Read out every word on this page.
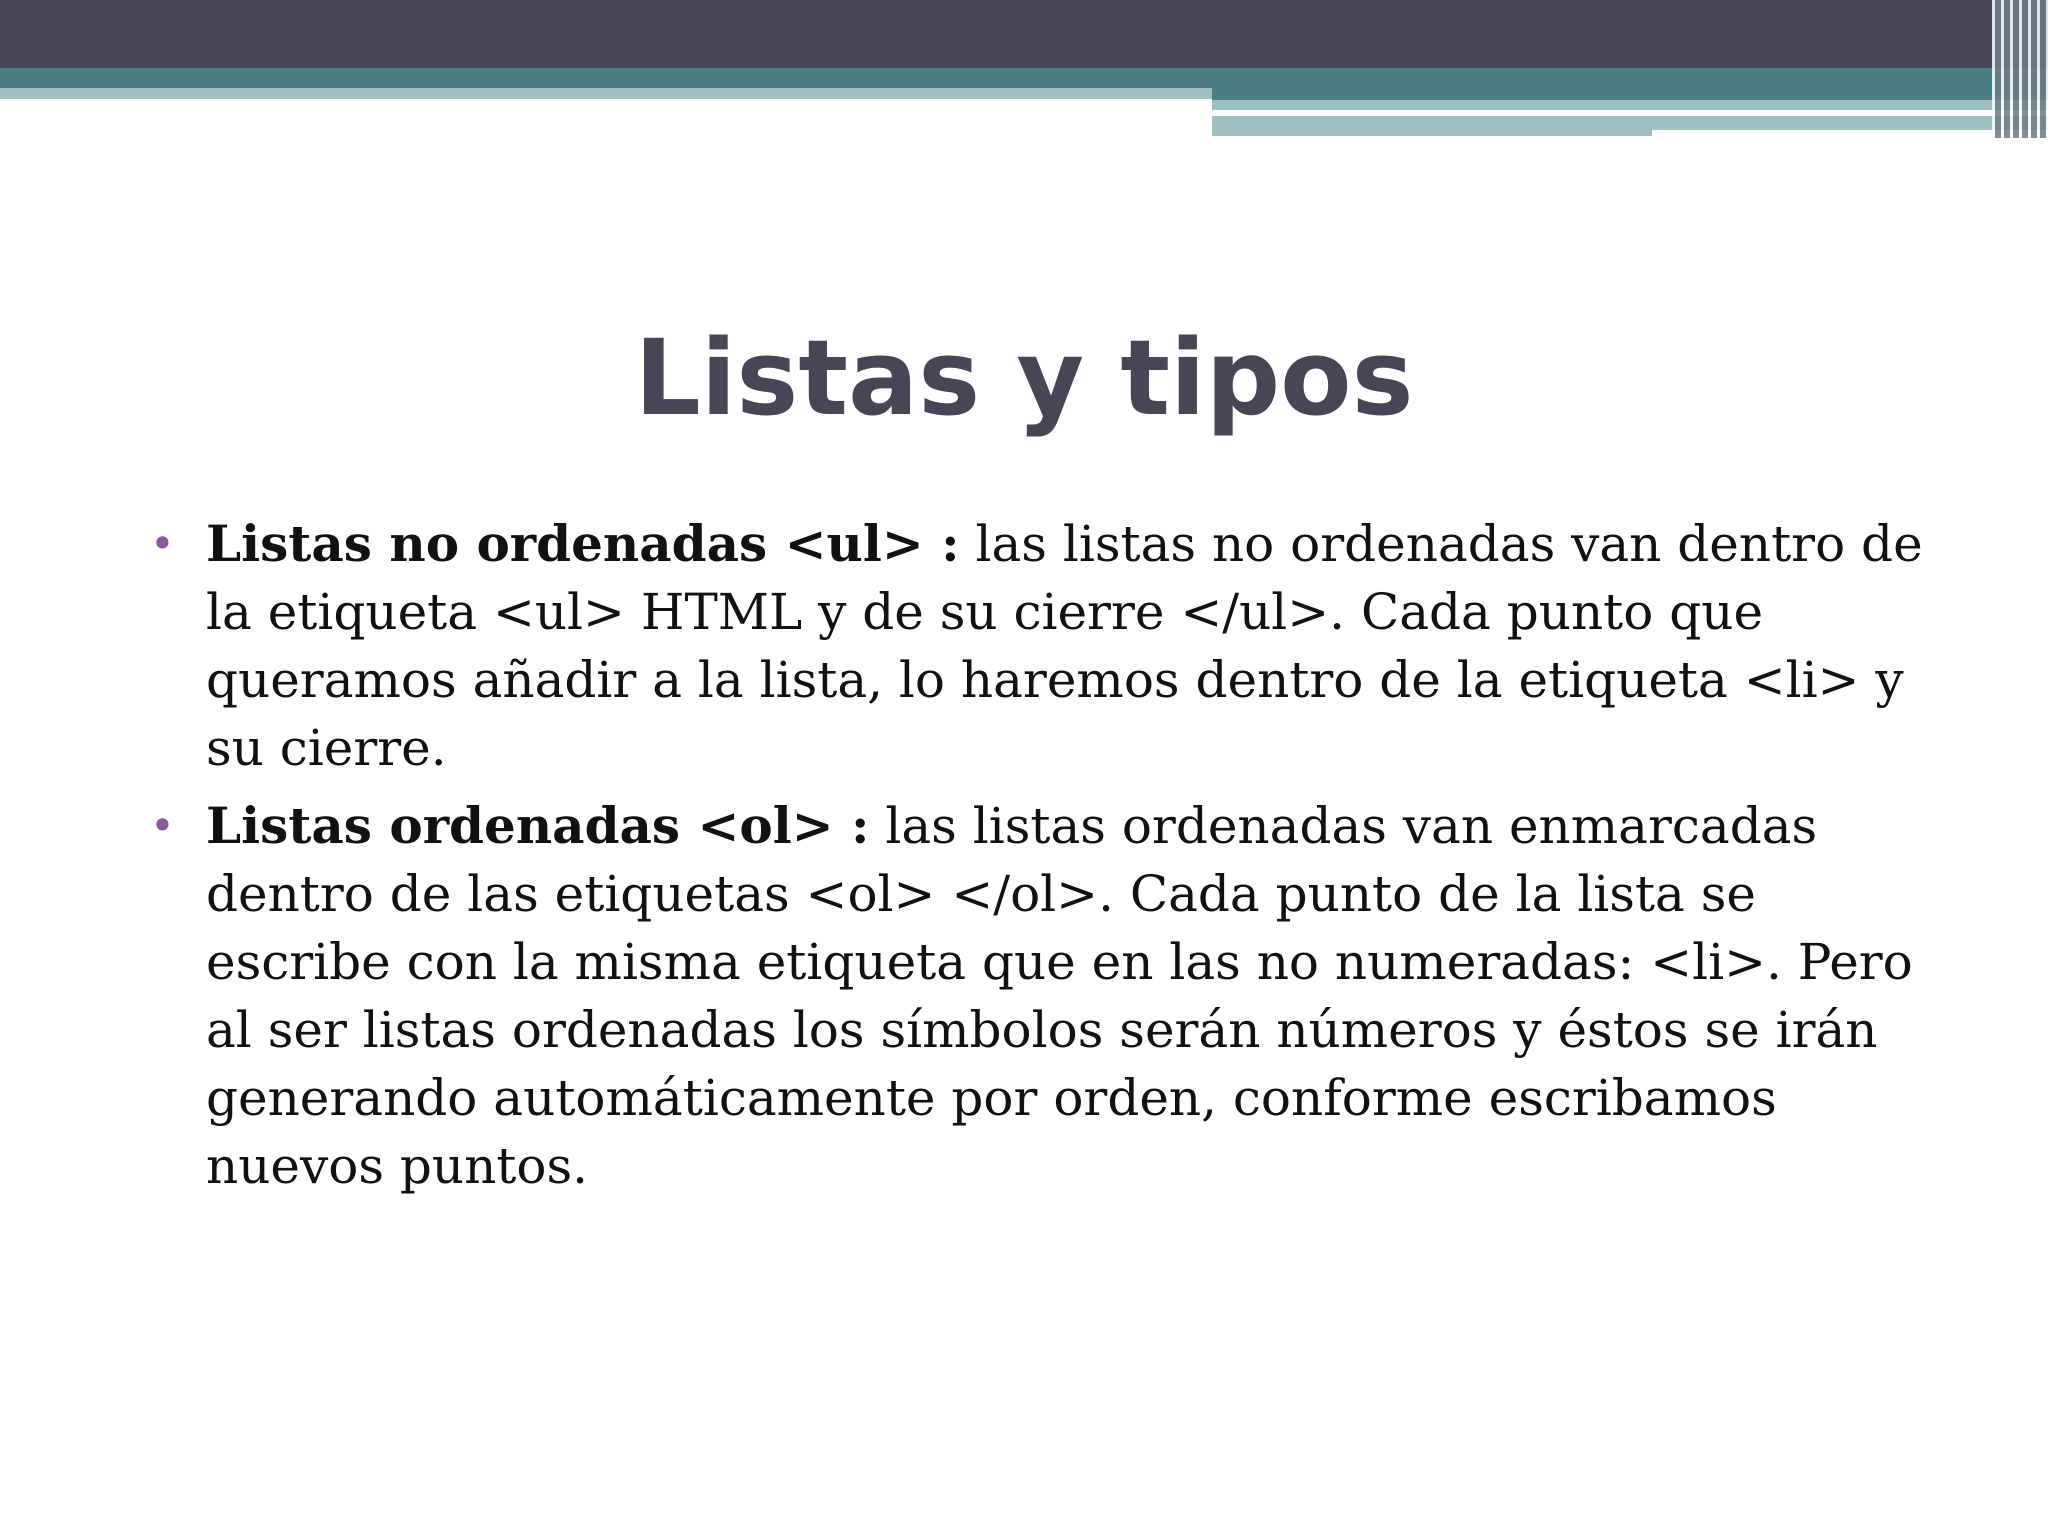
Listas y tipos
• Listas no ordenadas <ul> : las listas no ordenadas van dentro de la etiqueta <ul> HTML y de su cierre </ul>. Cada punto que queramos añadir a la lista, lo haremos dentro de la etiqueta <li> y su cierre.
• Listas ordenadas <ol> : las listas ordenadas van enmarcadas dentro de las etiquetas <ol> </ol>. Cada punto de la lista se escribe con la misma etiqueta que en las no numeradas: <li>. Pero al ser listas ordenadas los símbolos serán números y éstos se irán generando automáticamente por orden, conforme escribamos nuevos puntos.
